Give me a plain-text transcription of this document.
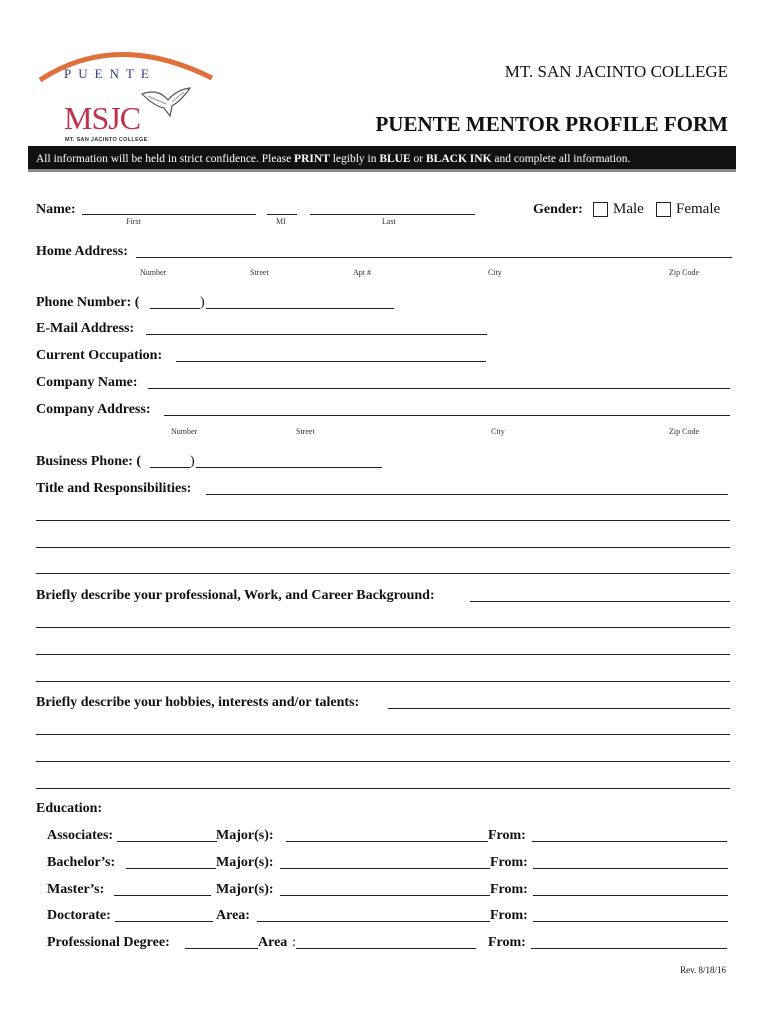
PUENTE
MSJC
MT. SAN JACINTO COLLEGE
MT. SAN JACINTO COLLEGE
PUENTE MENTOR PROFILE FORM
All information will be held in strict confidence. Please PRINT legibly in BLUE or BLACK INK and complete all information.
Name:
First	MI	Last
Gender: Male Female
Home Address:
Number	Street	Apt #	City	Zip Code
Phone Number: (	)
E-Mail Address:
Current Occupation:
Company Name:
Company Address:
Number	Street	City	Zip Code
Business Phone: (	)
Title and Responsibilities:
Briefly describe your professional, Work, and Career Background:
Briefly describe your hobbies, interests and/or talents:
Education:
Associates:	Major(s):	From:
Bachelor’s:	Major(s):	From:
Master’s:	Major(s):	From:
Doctorate:	Area:	From:
Professional Degree:	Area :	From:
Rev. 8/18/16
